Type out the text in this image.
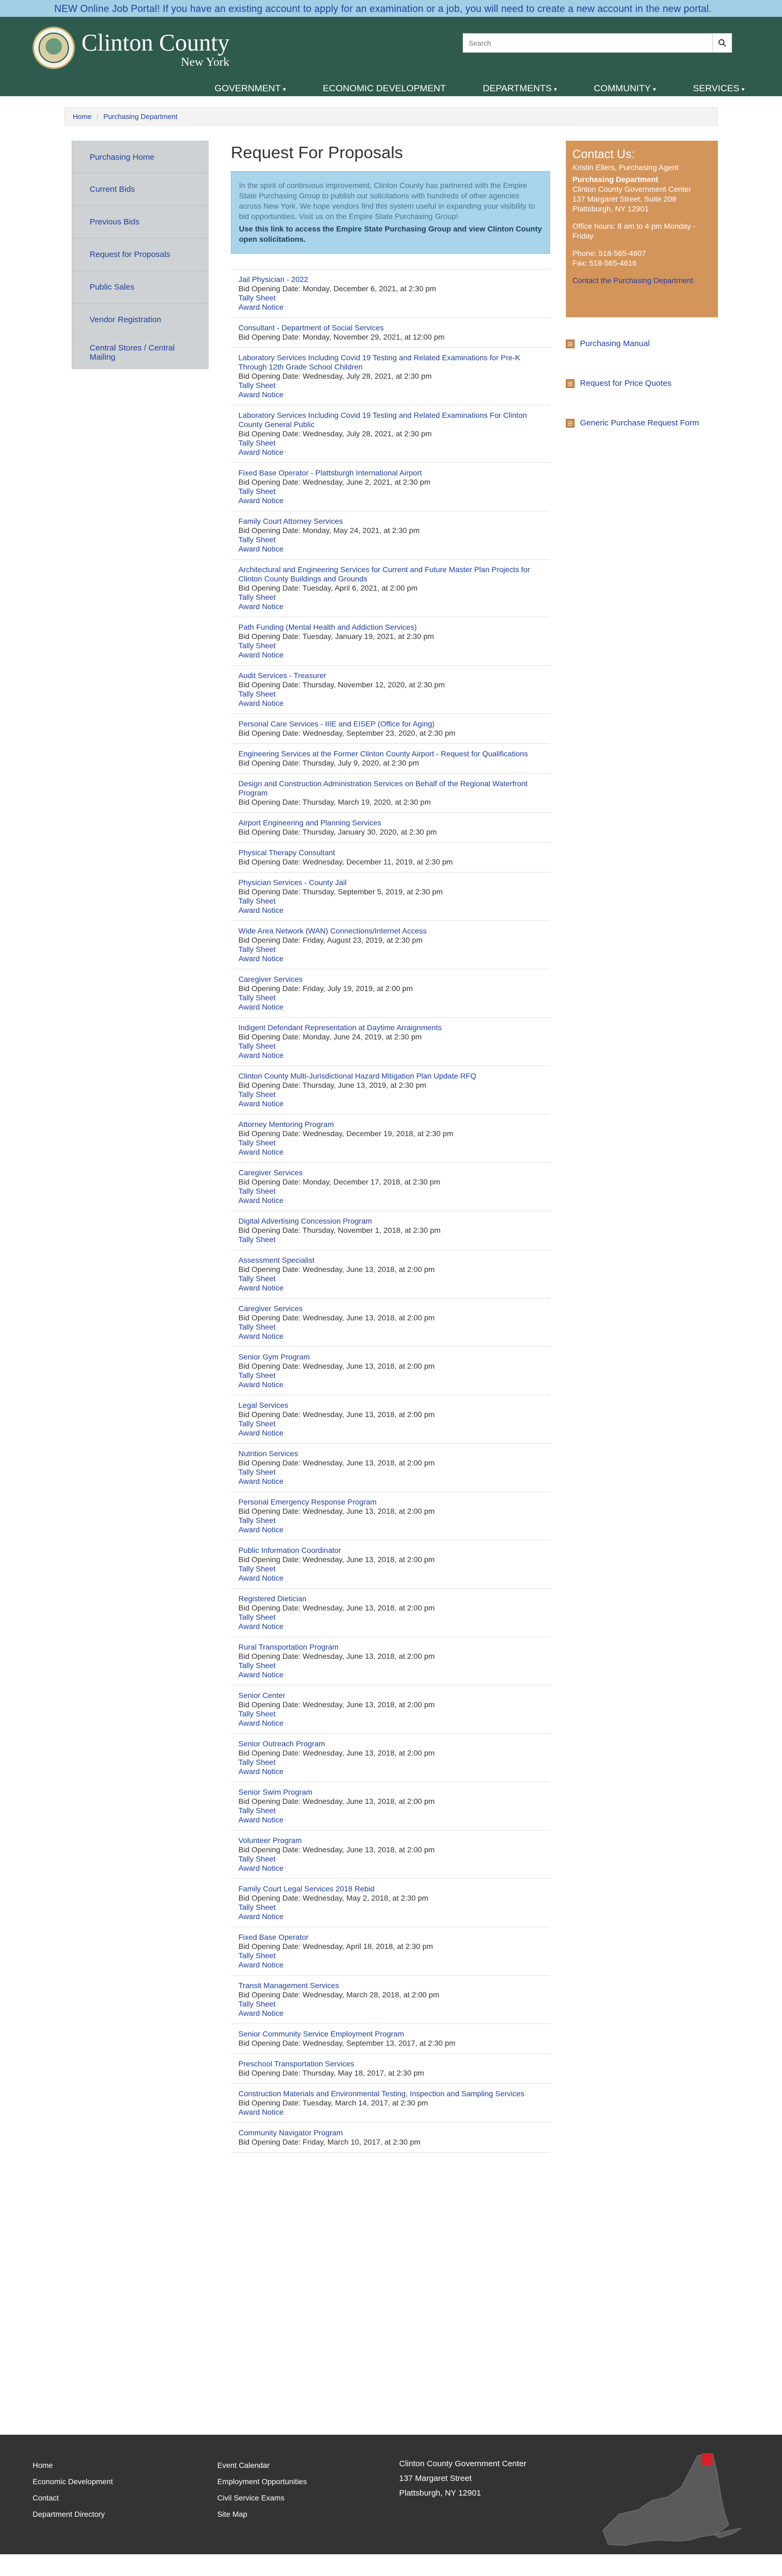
NEW Online Job Portal! If you have an existing account to apply for an examination or a job, you will need to create a new account in the new portal.
Clinton County
New York
Search
GOVERNMENT ▾	ECONOMIC DEVELOPMENT	DEPARTMENTS ▾	COMMUNITY ▾	SERVICES ▾
Home / Purchasing Department
Purchasing Home
Current Bids
Previous Bids
Request for Proposals
Public Sales
Vendor Registration
Central Stores / Central Mailing
Request For Proposals
In the spirit of continuous improvement, Clinton County has partnered with the Empire State Purchasing Group to publish our solicitations with hundreds of other agencies across New York. We hope vendors find this system useful in expanding your visibility to bid opportunities. Visit us on the Empire State Purchasing Group!
Use this link to access the Empire State Purchasing Group and view Clinton County open solicitations.
Jail Physician - 2022
Bid Opening Date: Monday, December 6, 2021, at 2:30 pm
Tally Sheet
Award Notice
Consultant - Department of Social Services
Bid Opening Date: Monday, November 29, 2021, at 12:00 pm
Laboratory Services Including Covid 19 Testing and Related Examinations for Pre-K Through 12th Grade School Children
Bid Opening Date: Wednesday, July 28, 2021, at 2:30 pm
Tally Sheet
Award Notice
Laboratory Services Including Covid 19 Testing and Related Examinations For Clinton County General Public
Bid Opening Date: Wednesday, July 28, 2021, at 2:30 pm
Tally Sheet
Award Notice
Fixed Base Operator - Plattsburgh International Airport
Bid Opening Date: Wednesday, June 2, 2021, at 2:30 pm
Tally Sheet
Award Notice
Family Court Attorney Services
Bid Opening Date: Monday, May 24, 2021, at 2:30 pm
Tally Sheet
Award Notice
Architectural and Engineering Services for Current and Future Master Plan Projects for Clinton County Buildings and Grounds
Bid Opening Date: Tuesday, April 6, 2021, at 2:00 pm
Tally Sheet
Award Notice
Path Funding (Mental Health and Addiction Services)
Bid Opening Date: Tuesday, January 19, 2021, at 2:30 pm
Tally Sheet
Award Notice
Audit Services - Treasurer
Bid Opening Date: Thursday, November 12, 2020, at 2:30 pm
Tally Sheet
Award Notice
Personal Care Services - IIIE and EISEP (Office for Aging)
Bid Opening Date: Wednesday, September 23, 2020, at 2:30 pm
Engineering Services at the Former Clinton County Airport - Request for Qualifications
Bid Opening Date: Thursday, July 9, 2020, at 2:30 pm
Design and Construction Administration Services on Behalf of the Regional Waterfront Program
Bid Opening Date: Thursday, March 19, 2020, at 2:30 pm
Airport Engineering and Planning Services
Bid Opening Date: Thursday, January 30, 2020, at 2:30 pm
Physical Therapy Consultant
Bid Opening Date: Wednesday, December 11, 2019, at 2:30 pm
Physician Services - County Jail
Bid Opening Date: Thursday, September 5, 2019, at 2:30 pm
Tally Sheet
Award Notice
Wide Area Network (WAN) Connections/Internet Access
Bid Opening Date: Friday, August 23, 2019, at 2:30 pm
Tally Sheet
Award Notice
Caregiver Services
Bid Opening Date: Friday, July 19, 2019, at 2:00 pm
Tally Sheet
Award Notice
Indigent Defendant Representation at Daytime Arraignments
Bid Opening Date: Monday, June 24, 2019, at 2:30 pm
Tally Sheet
Award Notice
Clinton County Multi-Jurisdictional Hazard Mitigation Plan Update RFQ
Bid Opening Date: Thursday, June 13, 2019, at 2:30 pm
Tally Sheet
Award Notice
Attorney Mentoring Program
Bid Opening Date: Wednesday, December 19, 2018, at 2:30 pm
Tally Sheet
Award Notice
Caregiver Services
Bid Opening Date: Monday, December 17, 2018, at 2:30 pm
Tally Sheet
Award Notice
Digital Advertising Concession Program
Bid Opening Date: Thursday, November 1, 2018, at 2:30 pm
Tally Sheet
Assessment Specialist
Bid Opening Date: Wednesday, June 13, 2018, at 2:00 pm
Tally Sheet
Award Notice
Caregiver Services
Bid Opening Date: Wednesday, June 13, 2018, at 2:00 pm
Tally Sheet
Award Notice
Senior Gym Program
Bid Opening Date: Wednesday, June 13, 2018, at 2:00 pm
Tally Sheet
Award Notice
Legal Services
Bid Opening Date: Wednesday, June 13, 2018, at 2:00 pm
Tally Sheet
Award Notice
Nutrition Services
Bid Opening Date: Wednesday, June 13, 2018, at 2:00 pm
Tally Sheet
Award Notice
Personal Emergency Response Program
Bid Opening Date: Wednesday, June 13, 2018, at 2:00 pm
Tally Sheet
Award Notice
Public Information Coordinator
Bid Opening Date: Wednesday, June 13, 2018, at 2:00 pm
Tally Sheet
Award Notice
Registered Dietician
Bid Opening Date: Wednesday, June 13, 2018, at 2:00 pm
Tally Sheet
Award Notice
Rural Transportation Program
Bid Opening Date: Wednesday, June 13, 2018, at 2:00 pm
Tally Sheet
Award Notice
Senior Center
Bid Opening Date: Wednesday, June 13, 2018, at 2:00 pm
Tally Sheet
Award Notice
Senior Outreach Program
Bid Opening Date: Wednesday, June 13, 2018, at 2:00 pm
Tally Sheet
Award Notice
Senior Swim Program
Bid Opening Date: Wednesday, June 13, 2018, at 2:00 pm
Tally Sheet
Award Notice
Volunteer Program
Bid Opening Date: Wednesday, June 13, 2018, at 2:00 pm
Tally Sheet
Award Notice
Family Court Legal Services 2018 Rebid
Bid Opening Date: Wednesday, May 2, 2018, at 2:30 pm
Tally Sheet
Award Notice
Fixed Base Operator
Bid Opening Date: Wednesday, April 18, 2018, at 2:30 pm
Tally Sheet
Award Notice
Transit Management Services
Bid Opening Date: Wednesday, March 28, 2018, at 2:00 pm
Tally Sheet
Award Notice
Senior Community Service Employment Program
Bid Opening Date: Wednesday, September 13, 2017, at 2:30 pm
Preschool Transportation Services
Bid Opening Date: Thursday, May 18, 2017, at 2:30 pm
Construction Materials and Environmental Testing, Inspection and Sampling Services
Bid Opening Date: Tuesday, March 14, 2017, at 2:30 pm
Award Notice
Community Navigator Program
Bid Opening Date: Friday, March 10, 2017, at 2:30 pm
Contact Us:
Kristin Ellers, Purchasing Agent
Purchasing Department
Clinton County Government Center
137 Margaret Street, Suite 208
Plattsburgh, NY 12901
Office hours: 8 am to 4 pm Monday - Friday
Phone: 518-565-4607
Fax: 518-565-4616
Contact the Purchasing Department
Purchasing Manual
Request for Price Quotes
Generic Purchase Request Form
Home
Economic Development
Contact
Department Directory
Event Calendar
Employment Opportunities
Civil Service Exams
Site Map
Clinton County Government Center
137 Margaret Street
Plattsburgh, NY 12901
